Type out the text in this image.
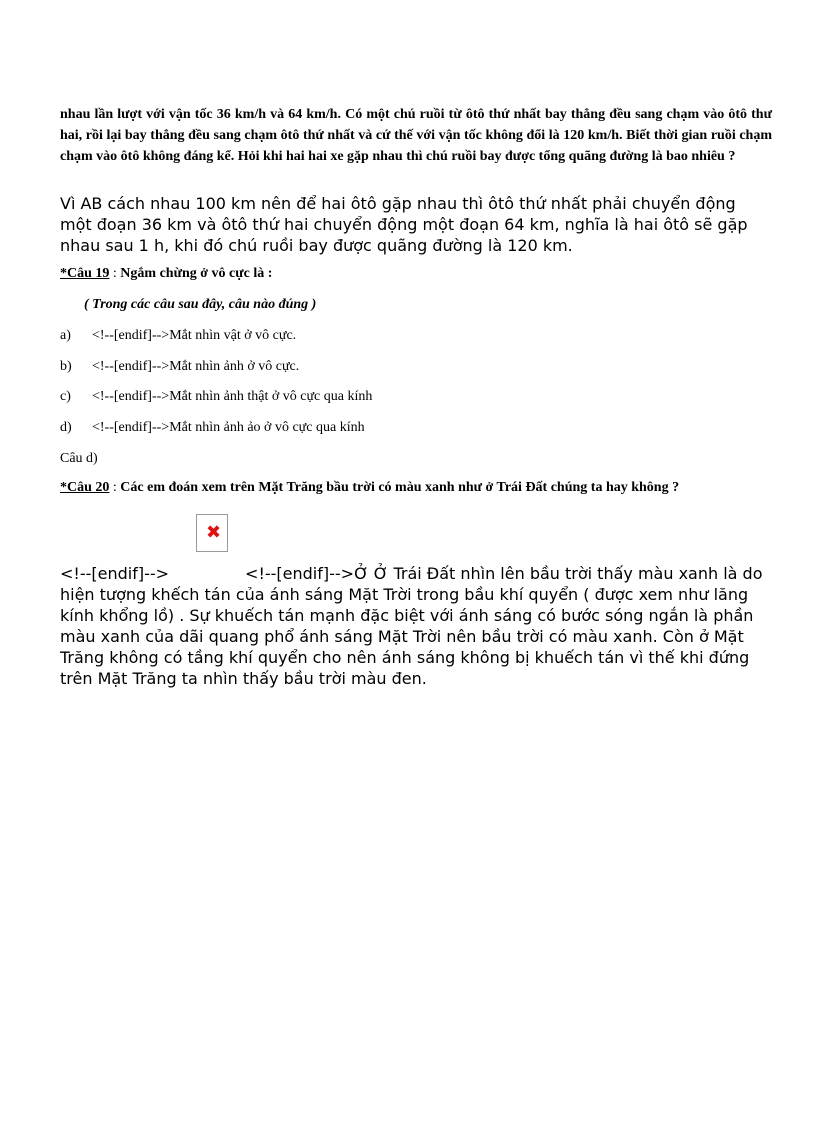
nhau lần lượt với vận tốc 36 km/h và 64 km/h. Có một chú ruồi từ ôtô thứ nhất bay thẳng đều sang chạm vào ôtô thư hai, rồi lại bay thẳng đều sang chạm ôtô thứ nhất và cứ thế với vận tốc không đổi là 120 km/h. Biết thời gian ruồi chạm chạm vào ôtô không đáng kể. Hỏi khi hai hai xe gặp nhau thì chú ruồi bay được tổng quãng đường là bao nhiêu ?
Vì AB cách nhau 100 km nên để hai ôtô gặp nhau thì ôtô thứ nhất phải chuyển động một đoạn 36 km và ôtô thứ hai chuyển động một đoạn 64 km, nghĩa là hai ôtô sẽ gặp nhau sau 1 h, khi đó chú ruồi bay được quãng đường là 120 km.
*Câu 19 : Ngắm chừng ở vô cực là :
( Trong các câu sau đây, câu nào đúng )
a) <!--[endif]-->Mắt nhìn vật ở vô cực.
b) <!--[endif]-->Mắt nhìn ảnh ở vô cực.
c) <!--[endif]-->Mắt nhìn ảnh thật ở vô cực qua kính
d) <!--[endif]-->Mắt nhìn ảnh ảo ở vô cực qua kính
Câu d)
*Câu 20 : Các em đoán xem trên Mặt Trăng bầu trời có màu xanh như ở Trái Đất chúng ta hay không ?
✖
<!--[endif]-->	<!--[endif]-->Ở Ở Trái Đất nhìn lên bầu trời thấy màu xanh là do hiện tượng khếch tán của ánh sáng Mặt Trời trong bầu khí quyển ( được xem như lăng kính khổng lồ) . Sự khuếch tán mạnh đặc biệt với ánh sáng có bước sóng ngắn là phần màu xanh của dãi quang phổ ánh sáng Mặt Trời nên bầu trời có màu xanh. Còn ở Mặt Trăng không có tầng khí quyển cho nên ánh sáng không bị khuếch tán vì thế khi đứng trên Mặt Trăng ta nhìn thấy bầu trời màu đen.
